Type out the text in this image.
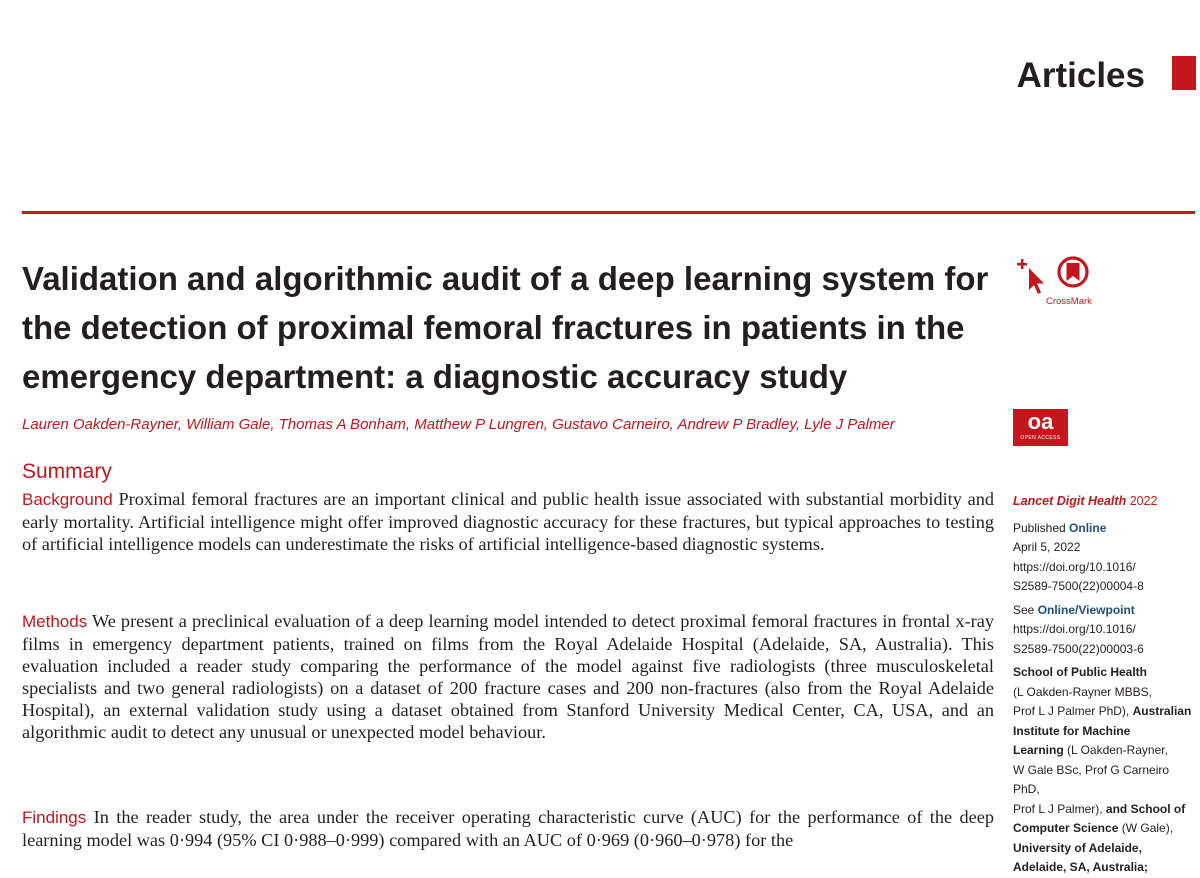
Articles
Validation and algorithmic audit of a deep learning system for the detection of proximal femoral fractures in patients in the emergency department: a diagnostic accuracy study
CrossMark
Lauren Oakden-Rayner, William Gale, Thomas A Bonham, Matthew P Lungren, Gustavo Carneiro, Andrew P Bradley, Lyle J Palmer	oa
OPEN ACCESS
Summary
Background Proximal femoral fractures are an important clinical and public health issue associated with substantial morbidity and early mortality. Artificial intelligence might offer improved diagnostic accuracy for these fractures, but typical approaches to testing of artificial intelligence models can underestimate the risks of artificial intelligence-based diagnostic systems.
Methods We present a preclinical evaluation of a deep learning model intended to detect proximal femoral fractures in frontal x-ray films in emergency department patients, trained on films from the Royal Adelaide Hospital (Adelaide, SA, Australia). This evaluation included a reader study comparing the performance of the model against five radiologists (three musculoskeletal specialists and two general radiologists) on a dataset of 200 fracture cases and 200 non-fractures (also from the Royal Adelaide Hospital), an external validation study using a dataset obtained from Stanford University Medical Center, CA, USA, and an algorithmic audit to detect any unusual or unexpected model behaviour.
Findings In the reader study, the area under the receiver operating characteristic curve (AUC) for the performance of the deep learning model was 0·994 (95% CI 0·988–0·999) compared with an AUC of 0·969 (0·960–0·978) for the
Lancet Digit Health 2022
Published Online
April 5, 2022
https://doi.org/10.1016/
S2589-7500(22)00004-8
See Online/Viewpoint
https://doi.org/10.1016/
S2589-7500(22)00003-6
School of Public Health
(L Oakden-Rayner MBBS,
Prof L J Palmer PhD), Australian
Institute for Machine
Learning (L Oakden-Rayner,
W Gale BSc, Prof G Carneiro PhD,
Prof L J Palmer), and School of
Computer Science (W Gale),
University of Adelaide,
Adelaide, SA, Australia;
